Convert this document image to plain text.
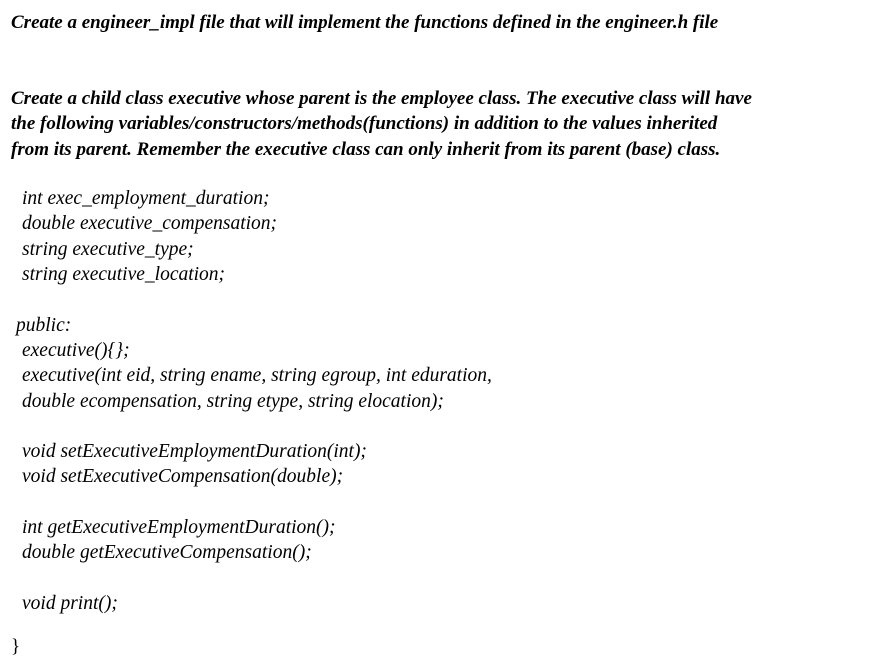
Create a engineer_impl file that will implement the functions defined in the engineer.h file
Create a child class executive whose parent is the employee class. The executive class will have
the following variables/constructors/methods(functions) in addition to the values inherited
from its parent. Remember the executive class can only inherit from its parent (base) class.
int exec_employment_duration;
double executive_compensation;
string executive_type;
string executive_location;
public:
executive(){};
executive(int eid, string ename, string egroup, int eduration,
double ecompensation, string etype, string elocation);
void setExecutiveEmploymentDuration(int);
void setExecutiveCompensation(double);
int getExecutiveEmploymentDuration();
double getExecutiveCompensation();
void print();
}
